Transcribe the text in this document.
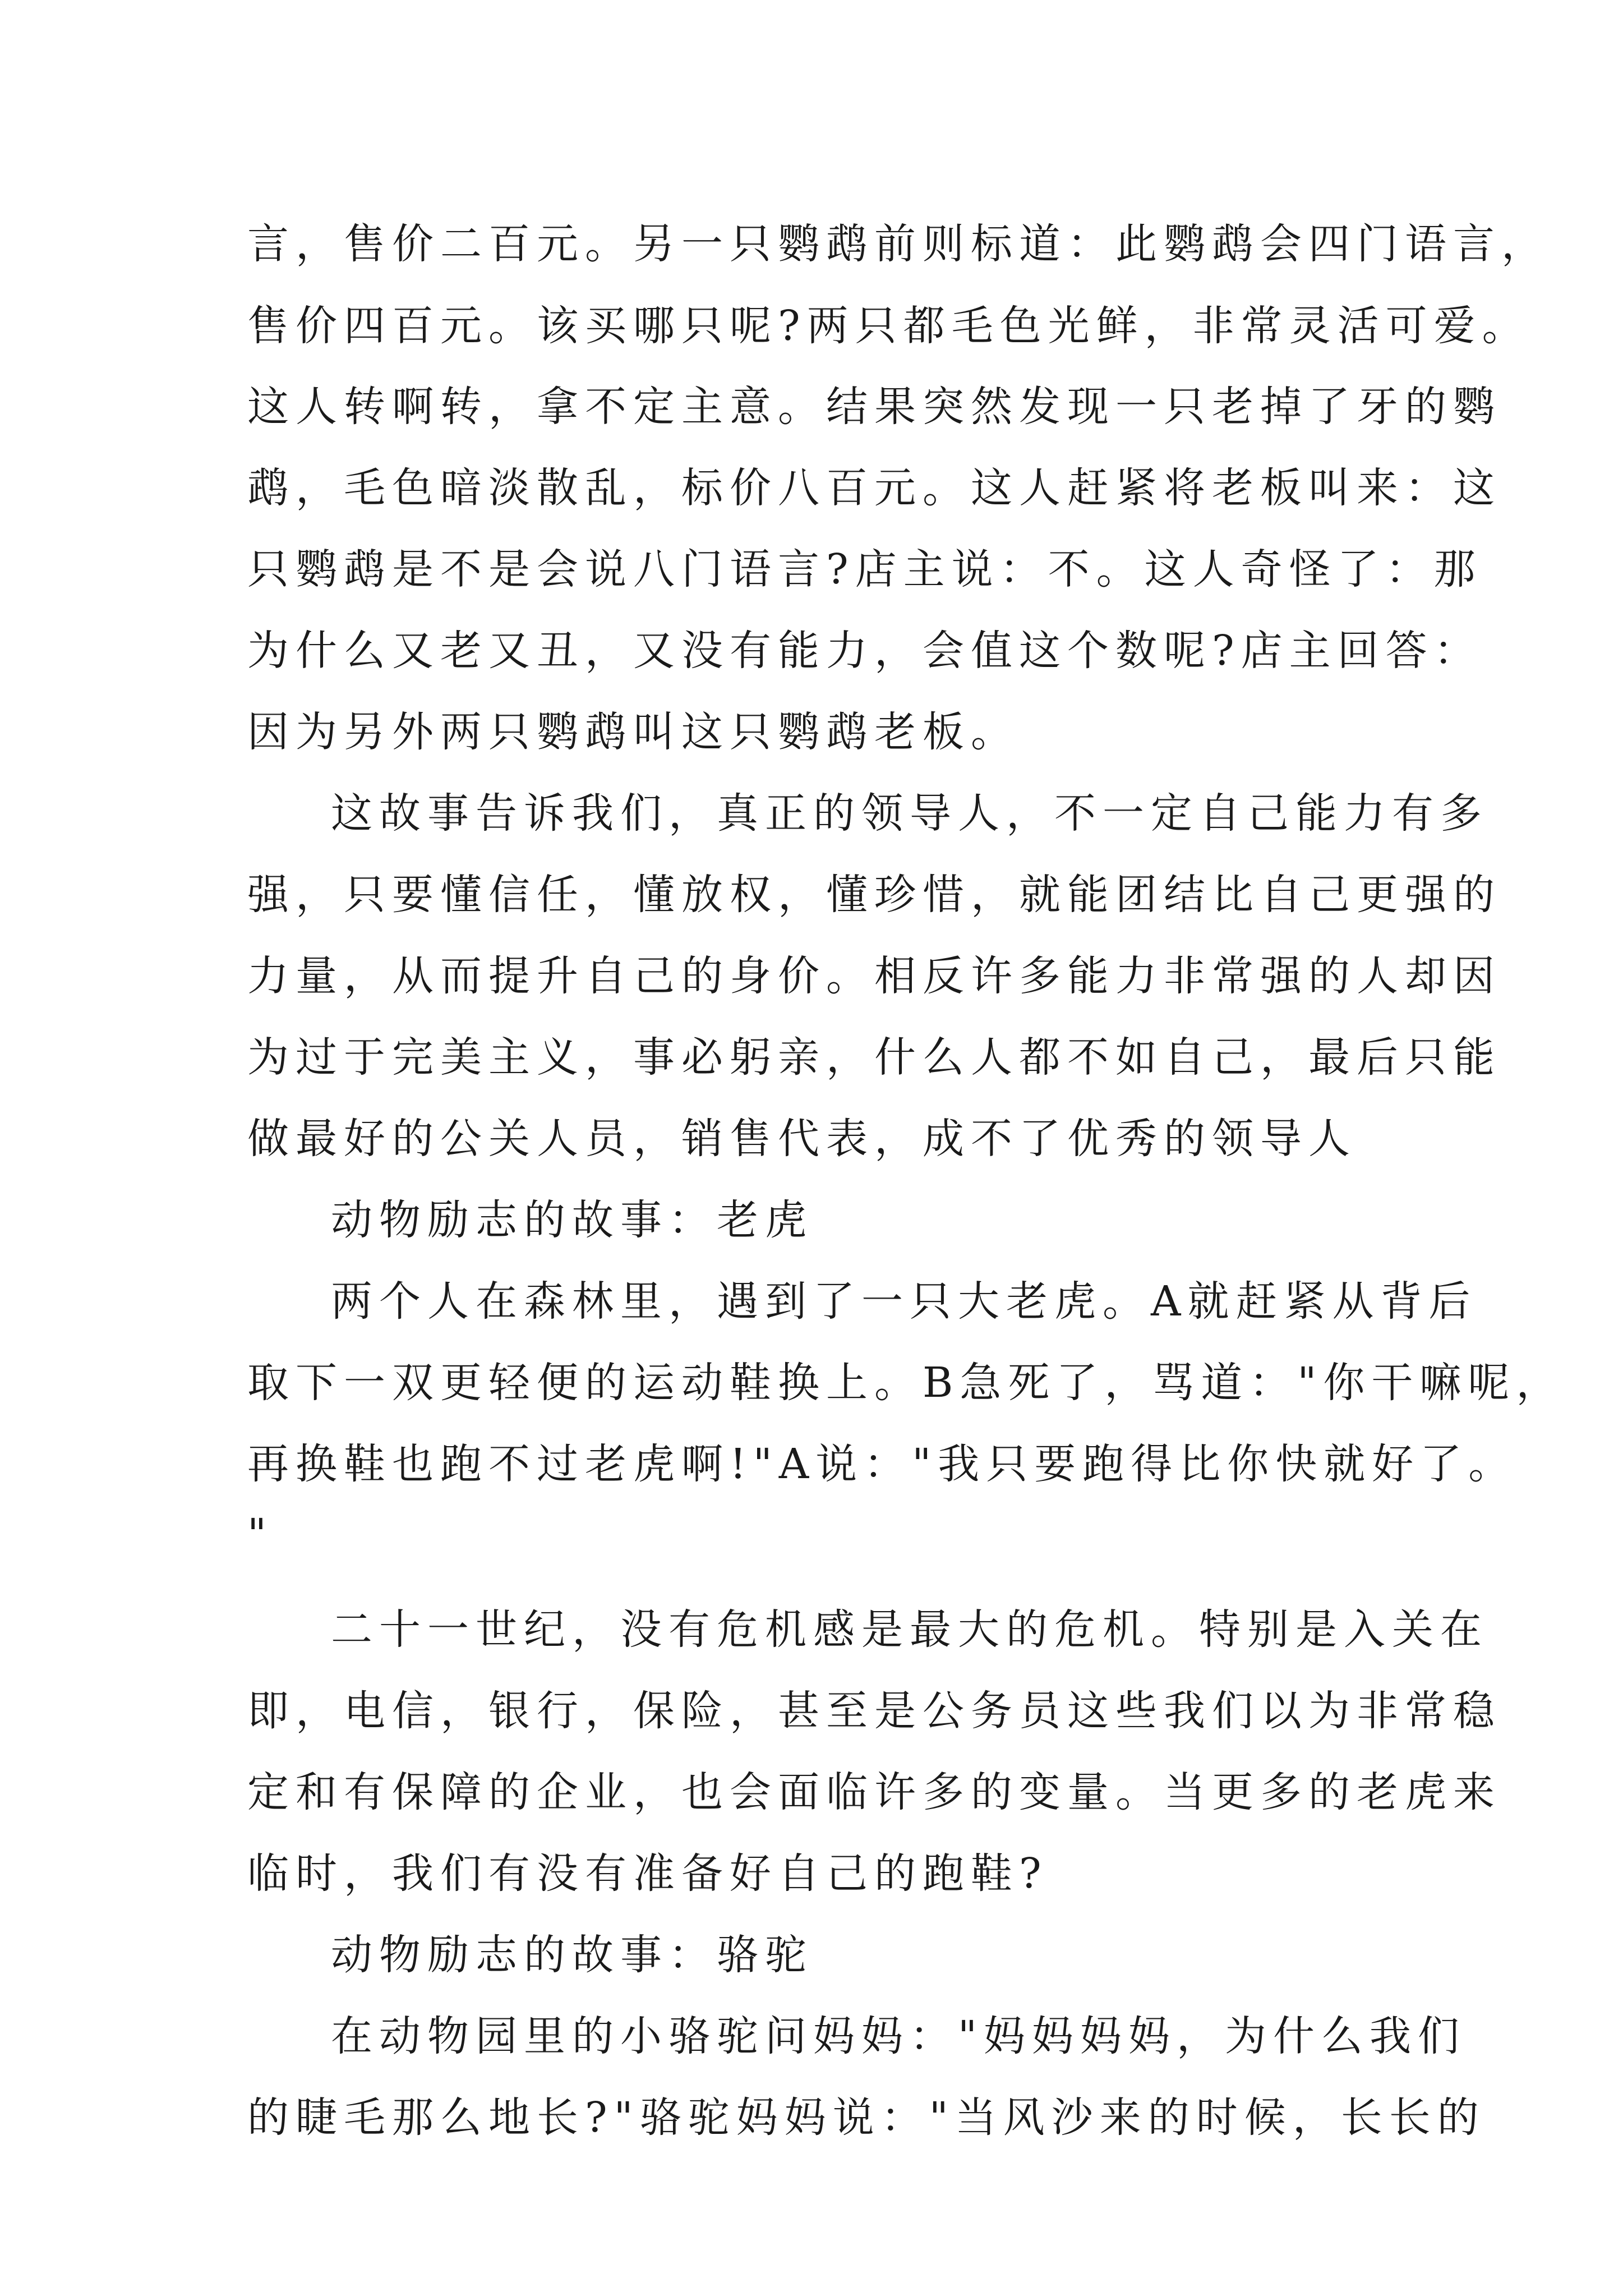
言，售价二百元。另一只鹦鹉前则标道：此鹦鹉会四门语言，

售价四百元。该买哪只呢?两只都毛色光鲜，非常灵活可爱。

这人转啊转，拿不定主意。结果突然发现一只老掉了牙的鹦

鹉，毛色暗淡散乱，标价八百元。这人赶紧将老板叫来：这

只鹦鹉是不是会说八门语言?店主说：不。这人奇怪了：那

为什么又老又丑，又没有能力，会值这个数呢?店主回答：

因为另外两只鹦鹉叫这只鹦鹉老板。

这故事告诉我们，真正的领导人，不一定自己能力有多

强，只要懂信任，懂放权，懂珍惜，就能团结比自己更强的

力量，从而提升自己的身价。相反许多能力非常强的人却因

为过于完美主义，事必躬亲，什么人都不如自己，最后只能

做最好的公关人员，销售代表，成不了优秀的领导人

动物励志的故事：老虎

两个人在森林里，遇到了一只大老虎。A就赶紧从背后

取下一双更轻便的运动鞋换上。B急死了，骂道："你干嘛呢，

再换鞋也跑不过老虎啊!"A说："我只要跑得比你快就好了。

"

二十一世纪，没有危机感是最大的危机。特别是入关在

即，电信，银行，保险，甚至是公务员这些我们以为非常稳

定和有保障的企业，也会面临许多的变量。当更多的老虎来

临时，我们有没有准备好自己的跑鞋?

动物励志的故事：骆驼

在动物园里的小骆驼问妈妈："妈妈妈妈，为什么我们

的睫毛那么地长?"骆驼妈妈说："当风沙来的时候，长长的
